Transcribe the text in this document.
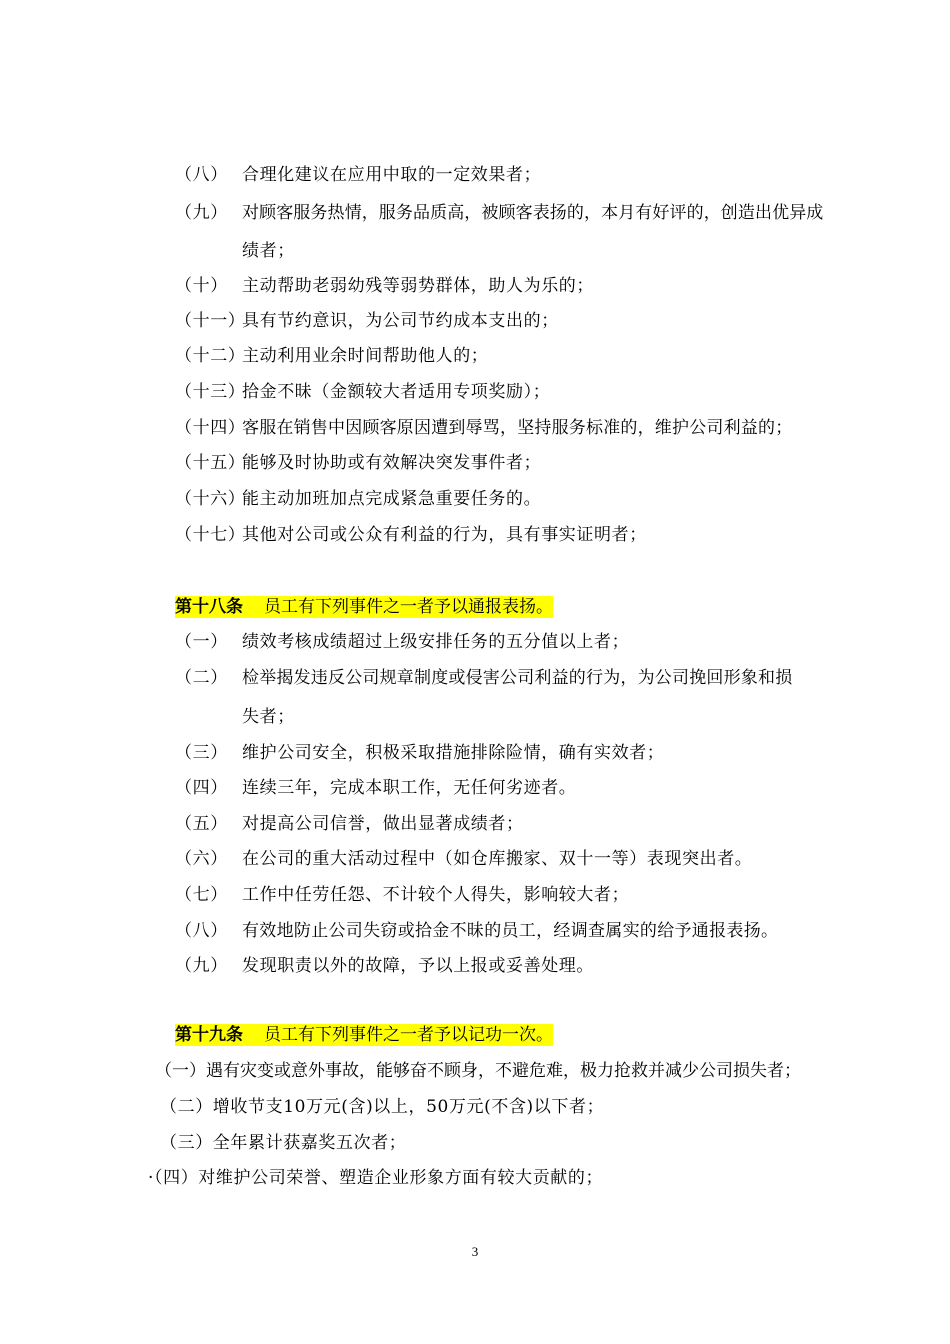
（八） 合理化建议在应用中取的一定效果者；
（九） 对顾客服务热情，服务品质高，被顾客表扬的，本月有好评的，创造出优异成
绩者；
（十） 主动帮助老弱幼残等弱势群体，助人为乐的；
（十一）具有节约意识，为公司节约成本支出的；
（十二）主动利用业余时间帮助他人的；
（十三）拾金不昧（金额较大者适用专项奖励）；
（十四）客服在销售中因顾客原因遭到辱骂，坚持服务标准的，维护公司利益的；
（十五）能够及时协助或有效解决突发事件者；
（十六）能主动加班加点完成紧急重要任务的。
（十七）其他对公司或公众有利益的行为，具有事实证明者；
第十八条  员工有下列事件之一者予以通报表扬。
（一） 绩效考核成绩超过上级安排任务的五分值以上者；
（二） 检举揭发违反公司规章制度或侵害公司利益的行为，为公司挽回形象和损
失者；
（三） 维护公司安全，积极采取措施排除险情，确有实效者；
（四） 连续三年，完成本职工作，无任何劣迹者。
（五） 对提高公司信誉，做出显著成绩者；
（六） 在公司的重大活动过程中（如仓库搬家、双十一等）表现突出者。
（七） 工作中任劳任怨、不计较个人得失，影响较大者；
（八） 有效地防止公司失窃或拾金不昧的员工，经调查属实的给予通报表扬。
（九） 发现职责以外的故障，予以上报或妥善处理。
第十九条  员工有下列事件之一者予以记功一次。
（一）遇有灾变或意外事故，能够奋不顾身，不避危难，极力抢救并减少公司损失者；
（二）增收节支10万元(含)以上，50万元(不含)以下者；
（三）全年累计获嘉奖五次者；
·（四）对维护公司荣誉、塑造企业形象方面有较大贡献的；
3
